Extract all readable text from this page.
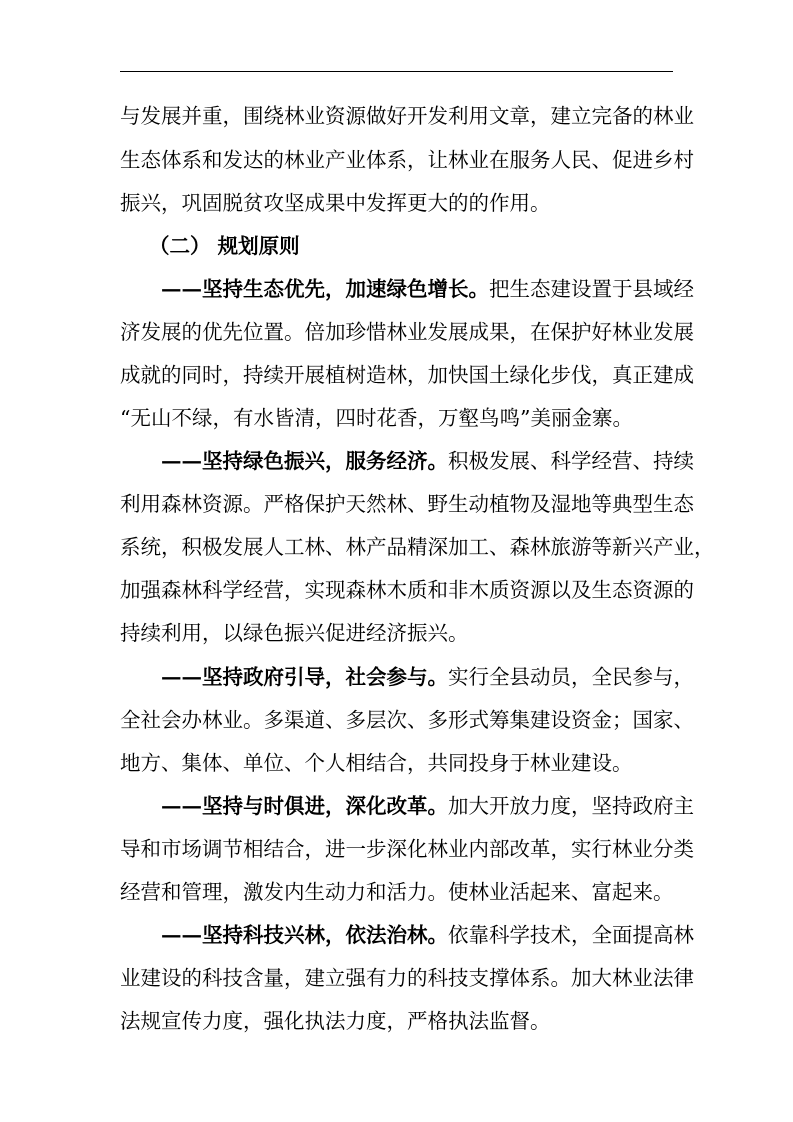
与发展并重，围绕林业资源做好开发利用文章，建立完备的林业
生态体系和发达的林业产业体系，让林业在服务人民、促进乡村
振兴，巩固脱贫攻坚成果中发挥更大的的作用。
（二） 规划原则
——坚持生态优先，加速绿色增长。把生态建设置于县域经
济发展的优先位置。倍加珍惜林业发展成果，在保护好林业发展
成就的同时，持续开展植树造林，加快国土绿化步伐，真正建成
“无山不绿，有水皆清，四时花香，万壑鸟鸣”美丽金寨。
——坚持绿色振兴，服务经济。积极发展、科学经营、持续
利用森林资源。严格保护天然林、野生动植物及湿地等典型生态
系统，积极发展人工林、林产品精深加工、森林旅游等新兴产业，
加强森林科学经营，实现森林木质和非木质资源以及生态资源的
持续利用，以绿色振兴促进经济振兴。
——坚持政府引导，社会参与。实行全县动员，全民参与，
全社会办林业。多渠道、多层次、多形式筹集建设资金；国家、
地方、集体、单位、个人相结合，共同投身于林业建设。
——坚持与时俱进，深化改革。加大开放力度，坚持政府主
导和市场调节相结合，进一步深化林业内部改革，实行林业分类
经营和管理，激发内生动力和活力。使林业活起来、富起来。
——坚持科技兴林，依法治林。依靠科学技术，全面提高林
业建设的科技含量，建立强有力的科技支撑体系。加大林业法律
法规宣传力度，强化执法力度，严格执法监督。
